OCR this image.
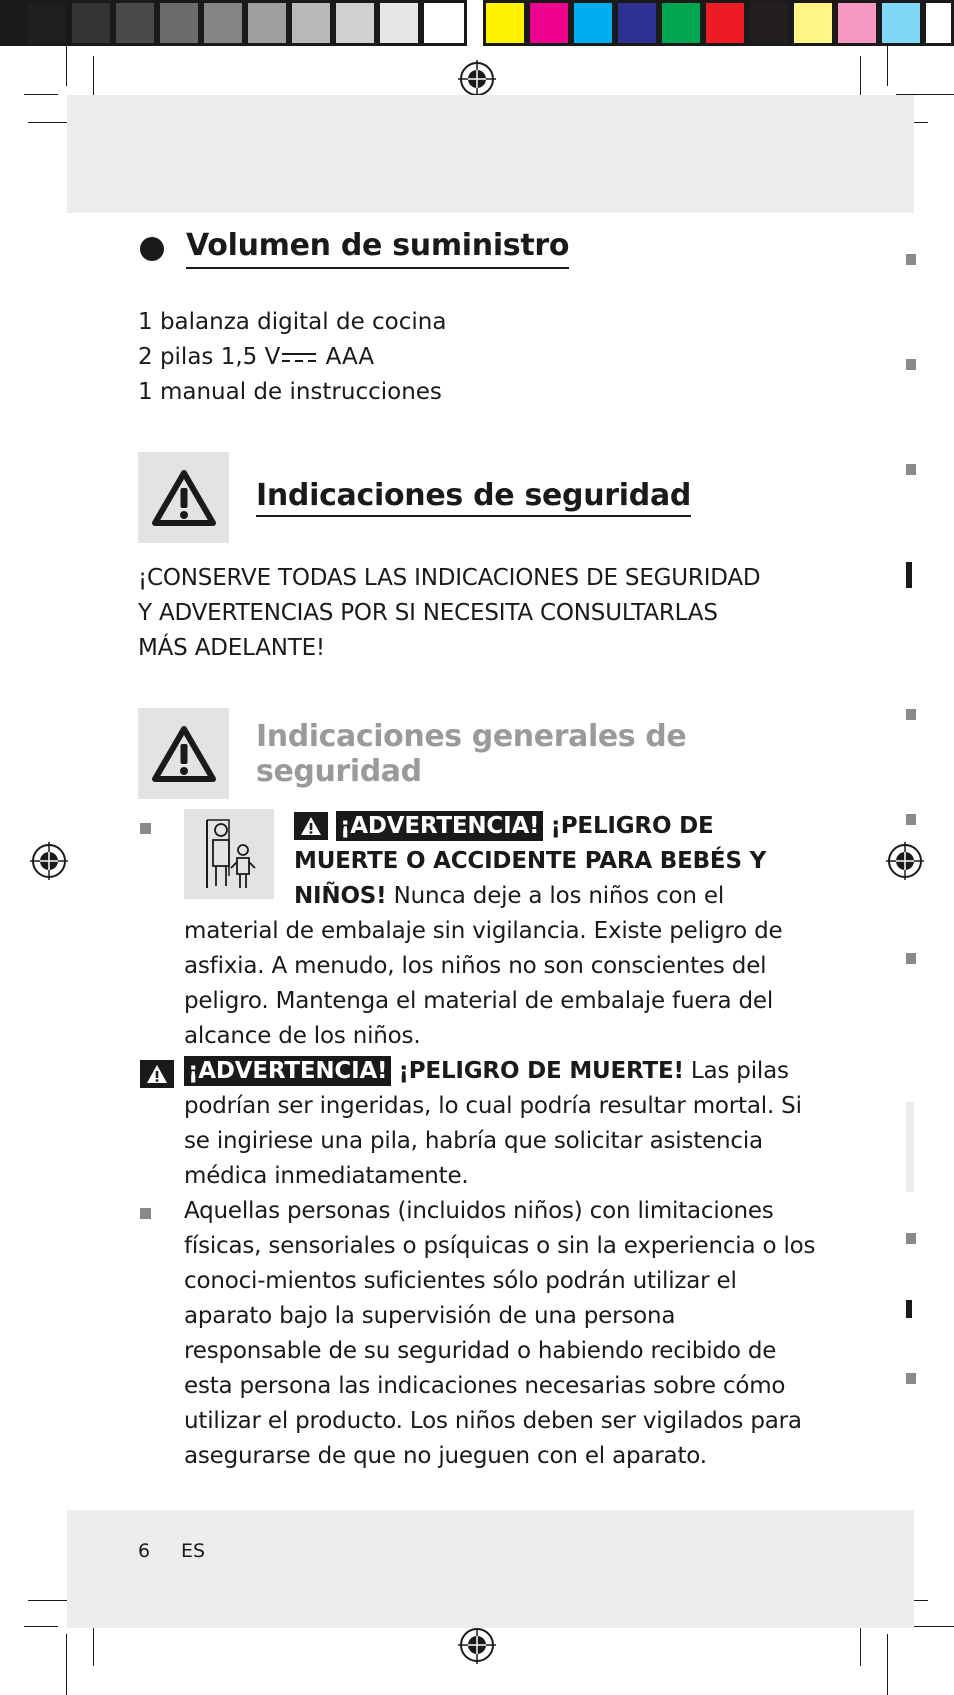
Volumen de suministro
1 balanza digital de cocina
2 pilas 1,5 V AAA
1 manual de instrucciones
Indicaciones de seguridad
¡CONSERVE TODAS LAS INDICACIONES DE SEGURIDAD
Y ADVERTENCIAS POR SI NECESITA CONSULTARLAS
MÁS ADELANTE!
Indicaciones generales de seguridad
¡ADVERTENCIA! ¡PELIGRO DE MUERTE O ACCIDENTE PARA BEBÉS Y NIÑOS! Nunca deje a los niños con el material de embalaje sin vigilancia. Existe peligro de asfixia. A menudo, los niños no son conscientes del peligro. Mantenga el material de embalaje fuera del alcance de los niños.
¡ADVERTENCIA! ¡PELIGRO DE MUERTE! Las pilas podrían ser ingeridas, lo cual podría resultar mortal. Si se ingiriese una pila, habría que solicitar asistencia médica inmediatamente.
Aquellas personas (incluidos niños) con limitaciones físicas, sensoriales o psíquicas o sin la experiencia o los conoci-mientos suficientes sólo podrán utilizar el aparato bajo la supervisión de una persona responsable de su seguridad o habiendo recibido de esta persona las indicaciones necesarias sobre cómo utilizar el producto. Los niños deben ser vigilados para asegurarse de que no jueguen con el aparato.
6 ES
